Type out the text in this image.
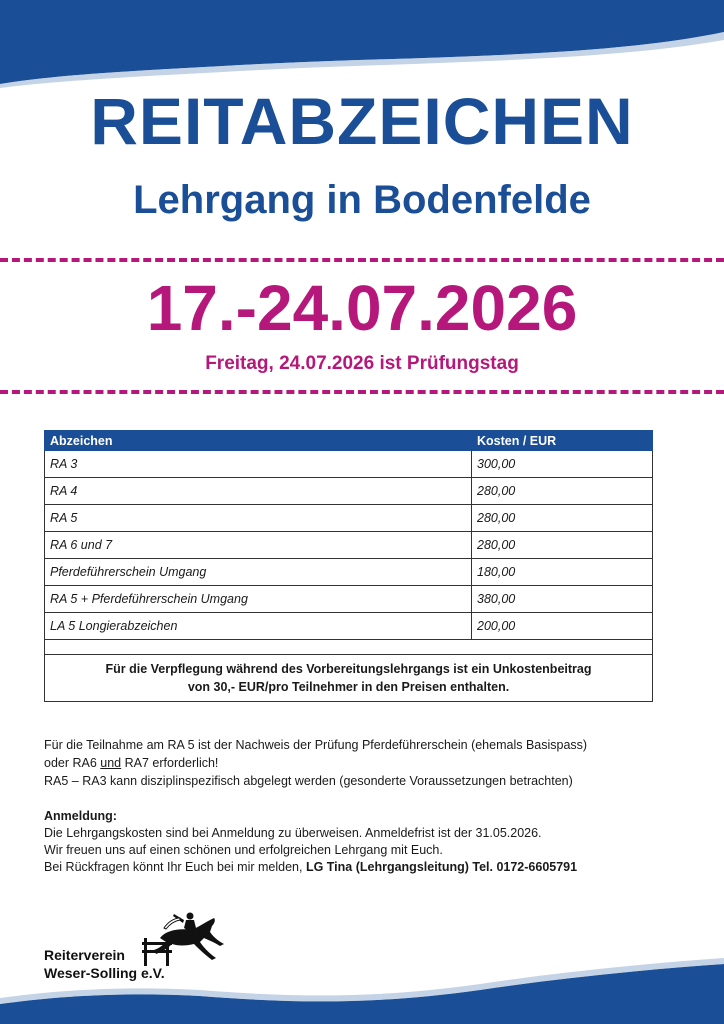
REITABZEICHEN
Lehrgang in Bodenfelde
17.-24.07.2026
Freitag, 24.07.2026 ist Prüfungstag
Abzeichen	Kosten / EUR
RA 3	300,00
RA 4	280,00
RA 5	280,00
RA 6 und 7	280,00
Pferdeführerschein Umgang	180,00
RA 5 + Pferdeführerschein Umgang	380,00
LA 5 Longierabzeichen	200,00

Für die Verpflegung während des Vorbereitungslehrgangs ist ein Unkostenbeitrag
von 30,- EUR/pro Teilnehmer in den Preisen enthalten.	

Für die Teilnahme am RA 5 ist der Nachweis der Prüfung Pferdeführerschein (ehemals Basispass)

oder RA6 und RA7 erforderlich!

RA5 – RA3 kann disziplinspezifisch abgelegt werden (gesonderte Voraussetzungen betrachten)

Anmeldung:

Die Lehrgangskosten sind bei Anmeldung zu überweisen. Anmeldefrist ist der 31.05.2026.

Wir freuen uns auf einen schönen und erfolgreichen Lehrgang mit Euch.

Bei Rückfragen könnt Ihr Euch bei mir melden, LG Tina (Lehrgangsleitung) Tel. 0172-6605791

Reiterverein
Weser-Solling e.V.
